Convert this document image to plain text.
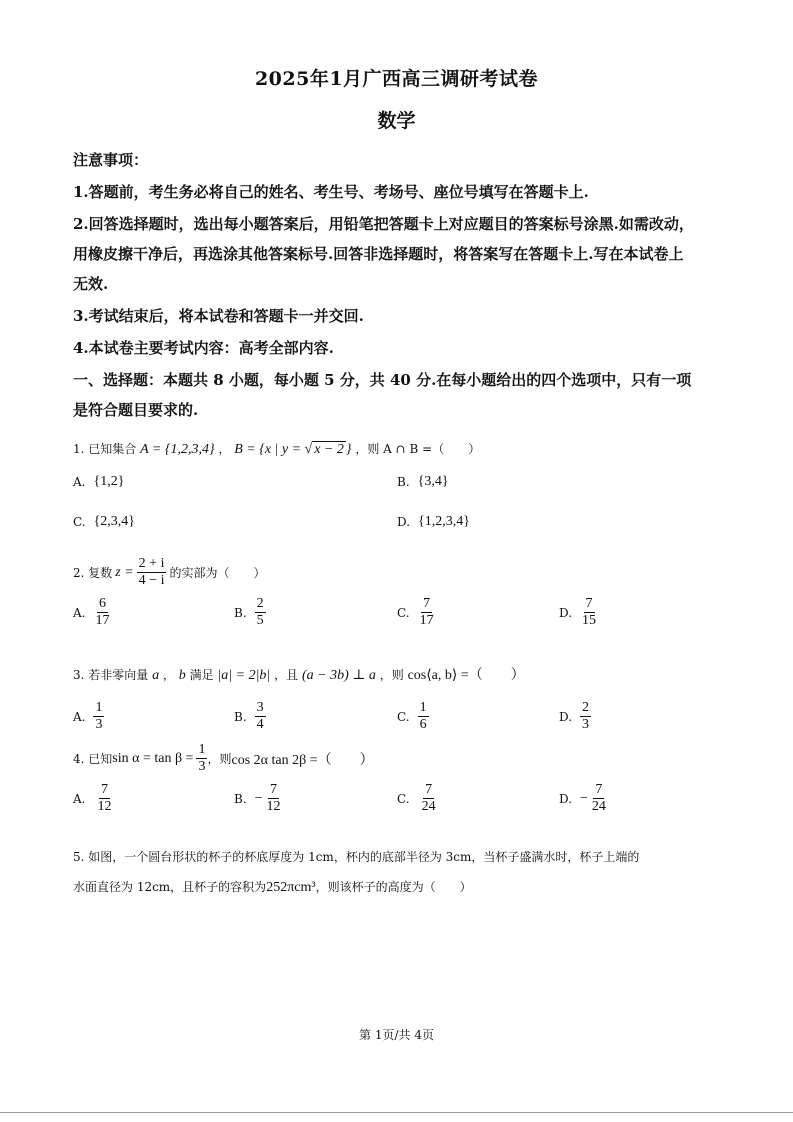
2025年1月广西高三调研考试卷
数学
注意事项：
1.答题前，考生务必将自己的姓名、考生号、考场号、座位号填写在答题卡上.
2.回答选择题时，选出每小题答案后，用铅笔把答题卡上对应题目的答案标号涂黑.如需改动，
用橡皮擦干净后，再选涂其他答案标号.回答非选择题时，将答案写在答题卡上.写在本试卷上
无效.
3.考试结束后，将本试卷和答题卡一并交回.
4.本试卷主要考试内容：高考全部内容.
一、选择题：本题共 8 小题，每小题 5 分，共 40 分.在每小题给出的四个选项中，只有一项
是符合题目要求的.
1. 已知集合 A = {1,2,3,4} ， B = {x | y = √ x − 2 } ，则 A ∩ B =（　　）
A. {1,2}	B. {3,4}
C. {2,3,4}	D. {1,2,3,4}
2. 复数 $z = \frac{2 + i}{4 - i}$ 的实部为（　　）
A. $\frac{6}{17}$	B. $\frac{2}{5}$	C. $\frac{7}{17}$	D. $\frac{7}{15}$
3. 若非零向量 a ， b 满足 |a| = 2|b| ，且 (a − 3b) ⊥ a ，则 cos⟨a, b⟩ =（　　）
A. $\frac{1}{3}$	B. $\frac{3}{4}$	C. $\frac{1}{6}$	D. $\frac{2}{3}$
4. 已知 $\sin \alpha = \tan \beta = \frac{1}{3}$ ，则 cos 2α tan 2β =（　　）
A. $\frac{7}{12}$	B. − $\frac{7}{12}$	C. $\frac{7}{24}$	D. − $\frac{7}{24}$
5. 如图，一个圆台形状的杯子的杯底厚度为 1cm，杯内的底部半径为 3cm，当杯子盛满水时，杯子上端的
水面直径为 12cm，且杯子的容积为252πcm³，则该杯子的高度为（　　）
第 1页/共 4页
